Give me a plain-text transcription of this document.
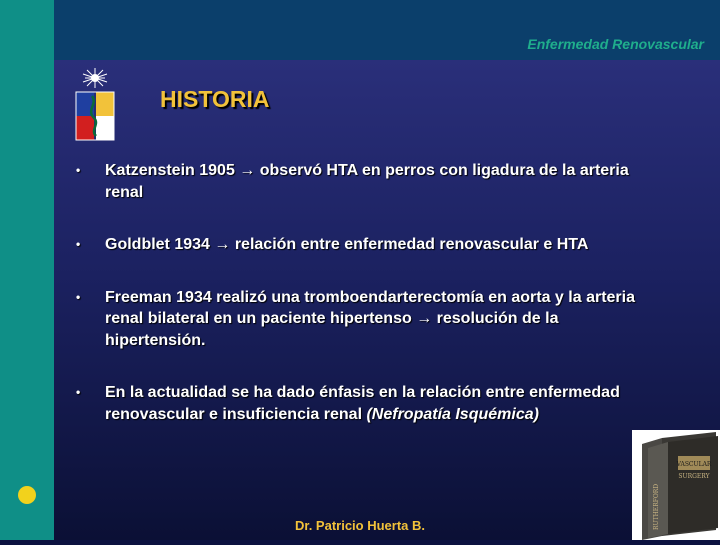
Enfermedad Renovascular
HISTORIA
• Katzenstein 1905 → observó HTA en perros con ligadura de la arteria renal
• Goldblet 1934 → relación entre enfermedad renovascular e HTA
• Freeman 1934 realizó una tromboendarterectomía en aorta y la arteria renal bilateral en un paciente hipertenso → resolución de la hipertensión.
• En la actualidad se ha dado énfasis en la relación entre enfermedad renovascular e insuficiencia renal (Nefropatía Isquémica)
Dr. Patricio Huerta B.
VASCULAR
SURGERY
RUTHERFORD
